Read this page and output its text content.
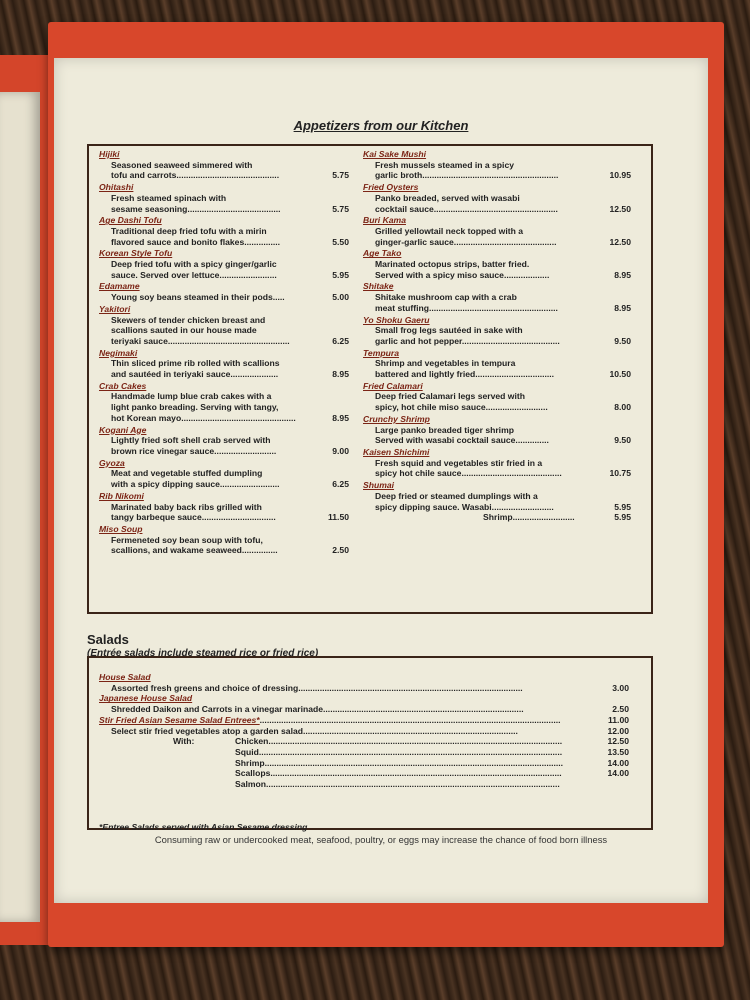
Appetizers from our Kitchen
Hijiki
Seasoned seaweed simmered with
tofu and carrots...........................................	5.75
Ohitashi
Fresh steamed spinach with
sesame seasoning.......................................	5.75
Age Dashi Tofu
Traditional deep fried tofu with a mirin
flavored sauce and bonito flakes...............	5.50
Korean Style Tofu
Deep fried tofu with a spicy ginger/garlic
sauce. Served over lettuce........................	5.95
Edamame
Young soy beans steamed in their pods.....	5.00
Yakitori
Skewers of tender chicken breast and
scallions sauted in our house made
teriyaki sauce...................................................	6.25
Negimaki
Thin sliced prime rib rolled with scallions
and sautéed in teriyaki sauce....................	8.95
Crab Cakes
Handmade lump blue crab cakes with a
light panko breading. Serving with tangy,
hot Korean mayo................................................	8.95
Kogani Age
Lightly fried soft shell crab served with
brown rice vinegar sauce..........................	9.00
Gyoza
Meat and vegetable stuffed dumpling
with a spicy dipping sauce.........................	6.25
Rib Nikomi
Marinated baby back ribs grilled with
tangy barbeque sauce...............................	11.50
Miso Soup
Fermeneted soy bean soup with tofu,
scallions, and wakame seaweed...............	2.50
Kai Sake Mushi
Fresh mussels steamed in a spicy
garlic broth.........................................................	10.95
Fried Oysters
Panko breaded, served with wasabi
cocktail sauce....................................................	12.50
Buri Kama
Grilled yellowtail neck topped with a
ginger-garlic sauce...........................................	12.50
Age Tako
Marinated octopus strips, batter fried.
Served with a spicy miso sauce...................	8.95
Shitake
Shitake mushroom cap with a crab
meat stuffing......................................................	8.95
Yo Shoku Gaeru
Small frog legs sautéed in sake with
garlic and hot pepper.........................................	9.50
Tempura
Shrimp and vegetables in tempura
battered and lightly fried.................................	10.50
Fried Calamari
Deep fried Calamari legs served with
spicy, hot chile miso sauce..........................	8.00
Crunchy Shrimp
Large panko breaded tiger shrimp
Served with wasabi cocktail sauce..............	9.50
Kaisen Shichimi
Fresh squid and vegetables stir fried in a
spicy hot chile sauce..........................................	10.75
Shumai
Deep fried or steamed dumplings with a
spicy dipping sauce. Wasabi..........................	5.95
Shrimp..........................	5.95
Salads
(Entrée salads include steamed rice or fried rice)
House Salad
Assorted fresh greens and choice of dressing..............................................................................................	3.00
Japanese House Salad
Shredded Daikon and Carrots in a vinegar marinade....................................................................................	2.50
Stir Fried Asian Sesame Salad Entrees*..............................................................................................................................	11.00
Select stir fried vegetables atop a garden salad..........................................................................................	12.00
With:	Chicken...........................................................................................................................	12.50
Squid...............................................................................................................................	13.50
Shrimp.............................................................................................................................	14.00
Scallops..........................................................................................................................	14.00
Salmon...........................................................................................................................
*Entree Salads served with Asian Sesame dressing
Consuming raw or undercooked meat, seafood, poultry, or eggs may increase the chance of food born illness
